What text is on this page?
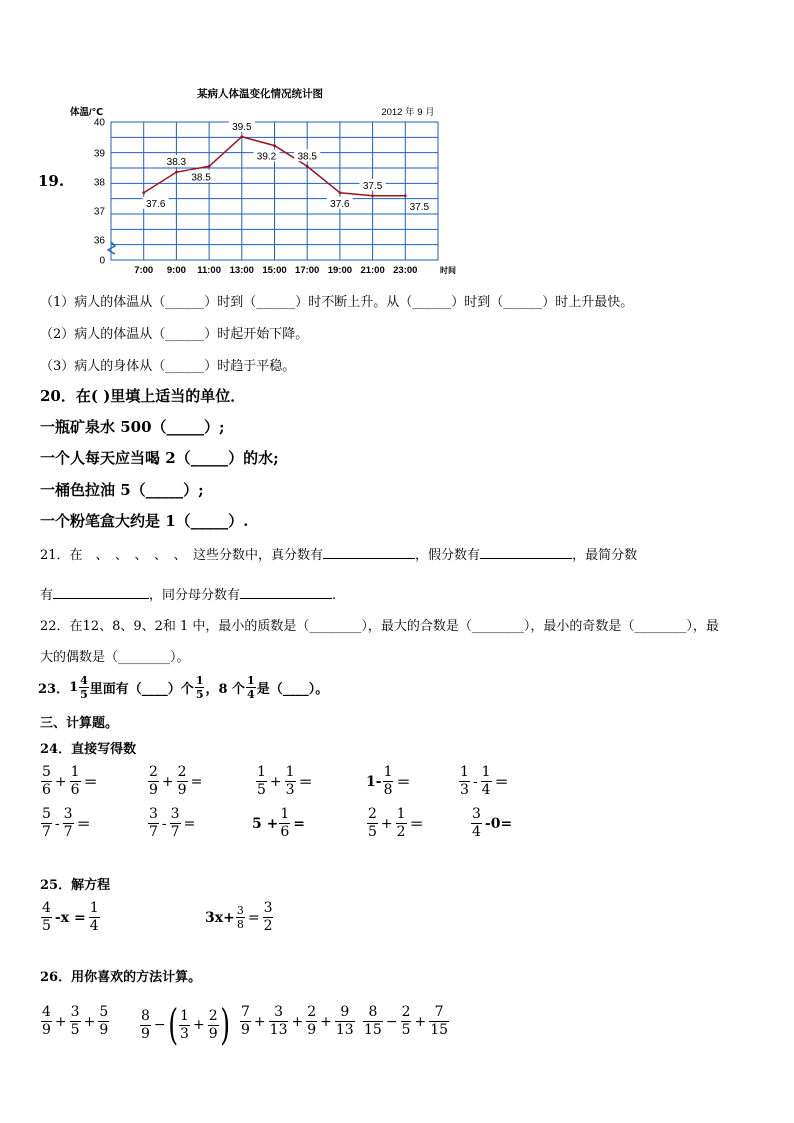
19.
某病人体温变化情况统计图
2012 年 9 月
体温/℃
时间
40
39
38
37
36
0
7:00 9:00 11:00 13:00 15:00 17:00 19:00 21:00 23:00
37.6
38.3
38.5
39.5
39.2 38.5
37.6
37.5
37.5
（1）病人的体温从（______）时到（______）时不断上升。从（______）时到（______）时上升最快。
（2）病人的体温从（______）时起开始下降。
（3）病人的身体从（______）时趋于平稳。
20．在( )里填上适当的单位．
一瓶矿泉水 500（_____）;
一个人每天应当喝 2（_____）的水;
一桶色拉油 5（_____）;
一个粉笔盒大约是 1（_____）.
21．在　、　、　、　、　、　这些分数中，真分数有	，假分数有	，最简分数
有	，同分母分数有	.
22．在12、8、9、2和 1 中，最小的质数是（________），最大的合数是（________），最小的奇数是（________），最
大的偶数是（________）。
23． $1 \frac{4}{5}$ 里面有（____）个 $\frac{1}{5}$ ，8 个 $\frac{1}{4}$ 是（____）。
三、计算题。
24．直接写得数
$\frac{5}{6} + \frac{1}{6}$ ＝	$\frac{2}{9} + \frac{2}{9}$ =	$\frac{1}{5} + \frac{1}{3}$ ＝	$1- \frac{1}{8}$ ＝	$\frac{1}{3} - \frac{1}{4}$ ＝
$\frac{5}{7} - \frac{3}{7}$ ＝	$\frac{3}{7} - \frac{3}{7}$ =	$5 + \frac{1}{6}$ =	$\frac{2}{5} + \frac{1}{2}$ ＝	$\frac{3}{4} -0=$
25．解方程
$\frac{4}{5} -x = \frac{1}{4}$	$3x+ \frac{3}{8} = \frac{3}{2}$
26．用你喜欢的方法计算。
$\frac{4}{9} + \frac{3}{5} + \frac{5}{9} \frac{8}{9}$ − ( $\frac{1}{3} + \frac{2}{9}$ ) $\frac{7}{9} + \frac{3}{13} + \frac{2}{9} + \frac{9}{13} \frac{8}{15} - \frac{2}{5} + \frac{7}{15}$
